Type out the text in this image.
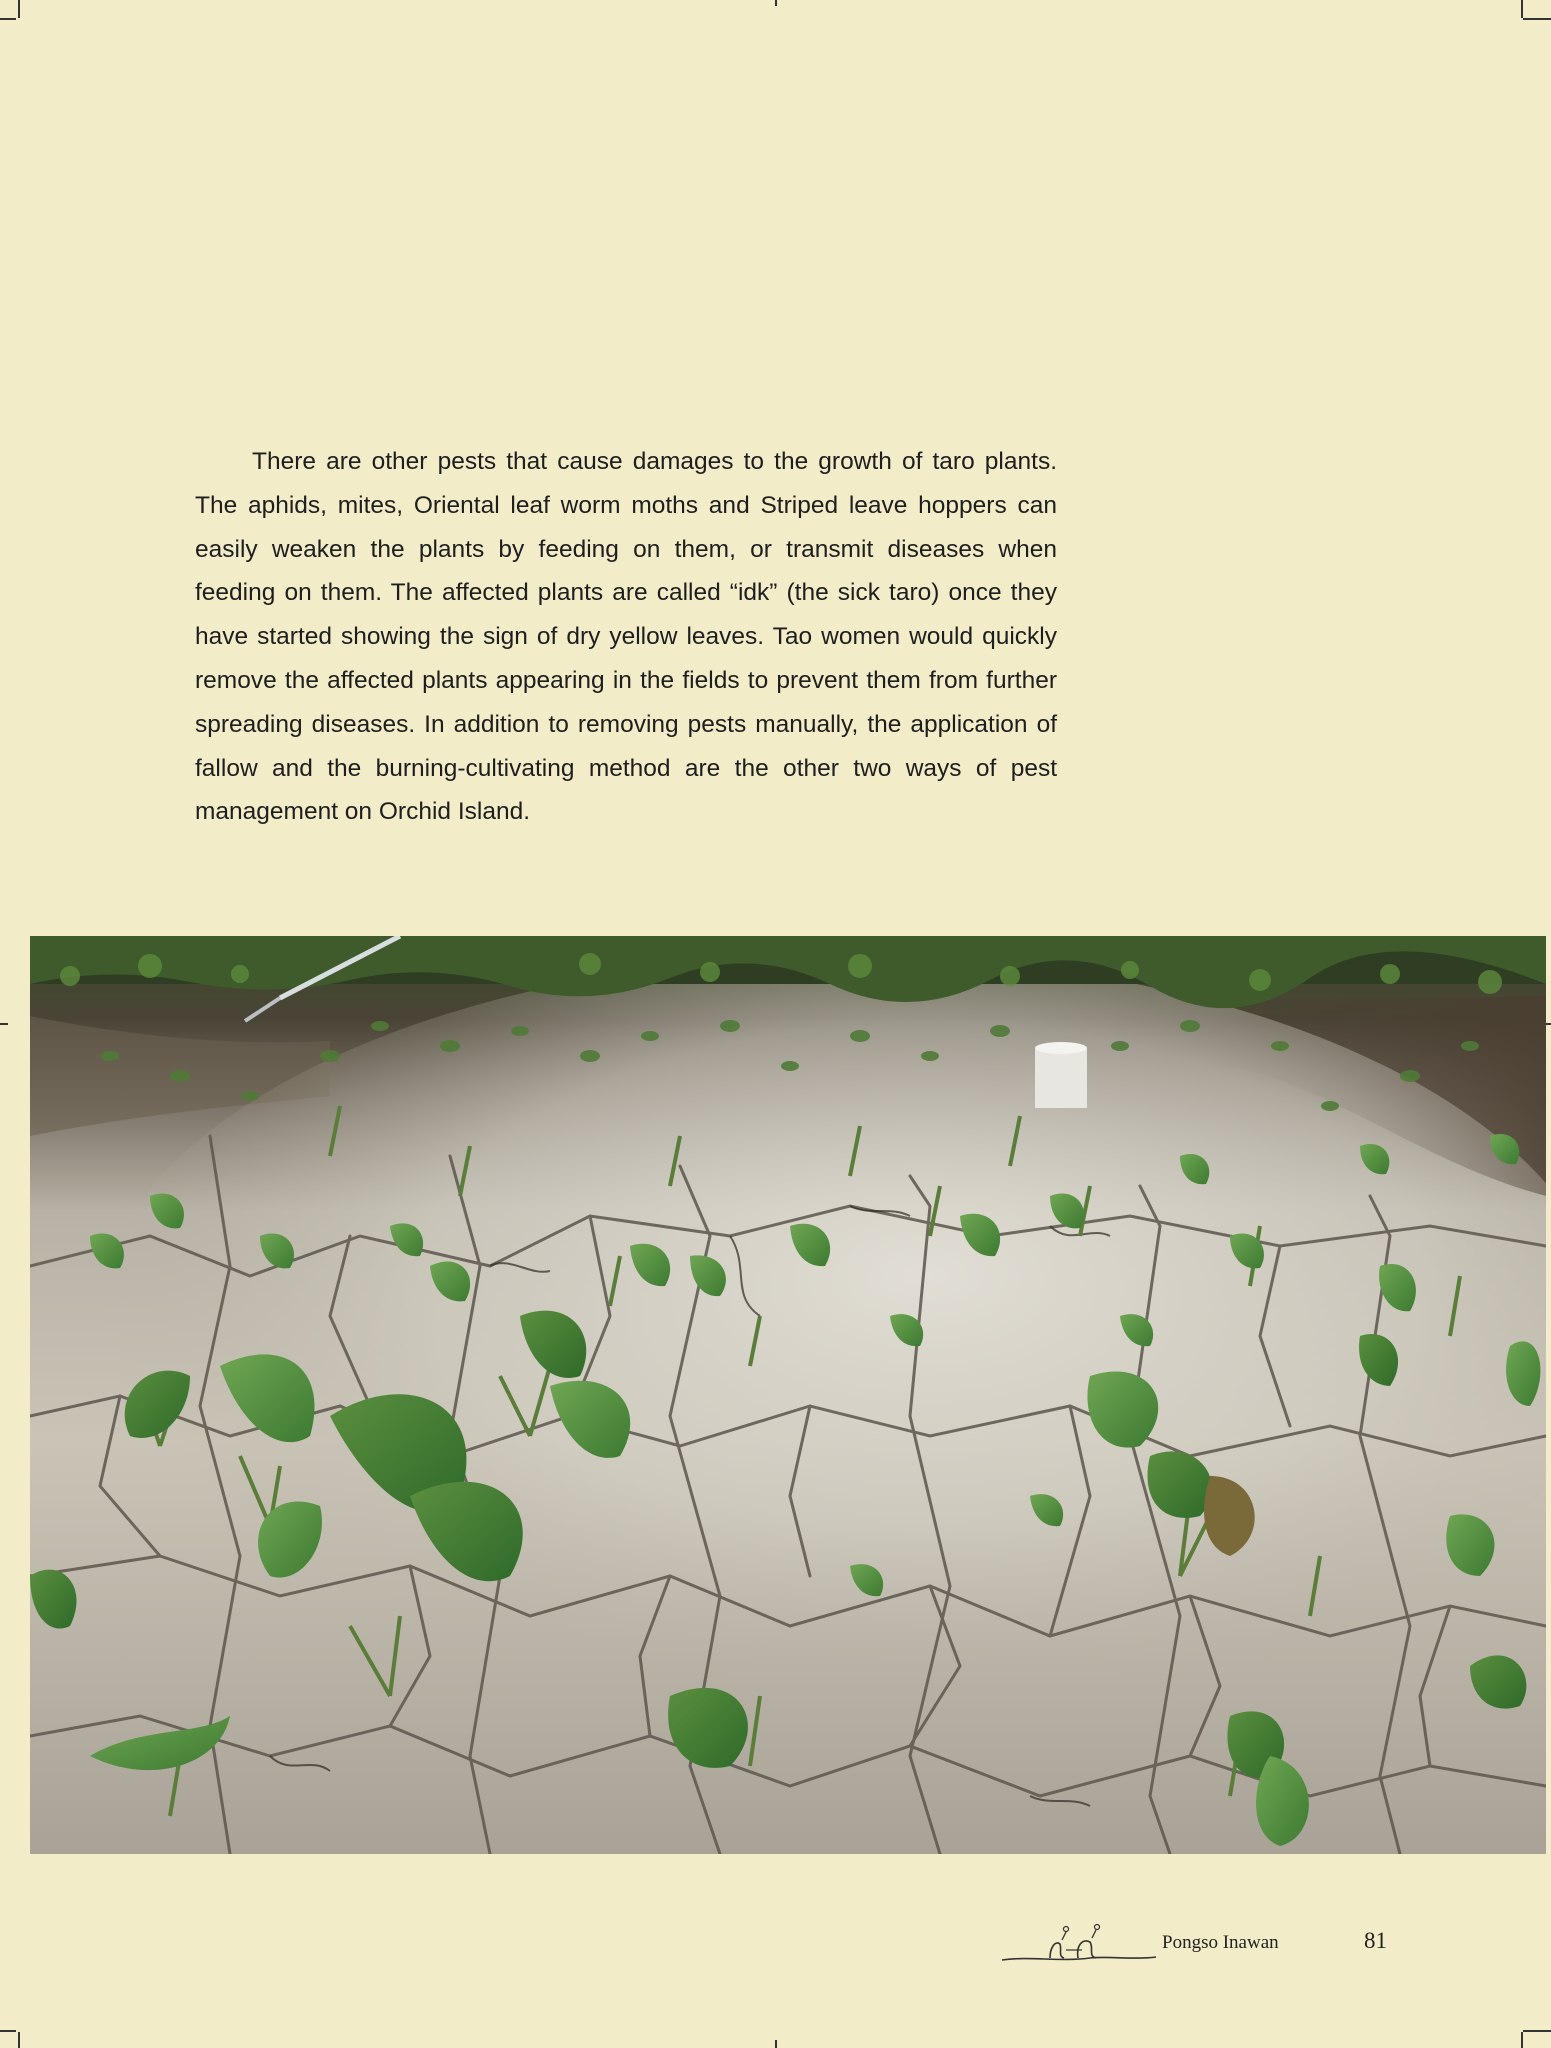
There are other pests that cause damages to the growth of taro plants. The aphids, mites, Oriental leaf worm moths and Striped leave hoppers can easily weaken the plants by feeding on them, or transmit diseases when feeding on them. The affected plants are called “idk” (the sick taro) once they have started showing the sign of dry yellow leaves. Tao women would quickly remove the affected plants appearing in the fields to prevent them from further spreading diseases. In addition to removing pests manually, the application of fallow and the burning-cultivating method are the other two ways of pest management on Orchid Island.

Pongso Inawan	81
